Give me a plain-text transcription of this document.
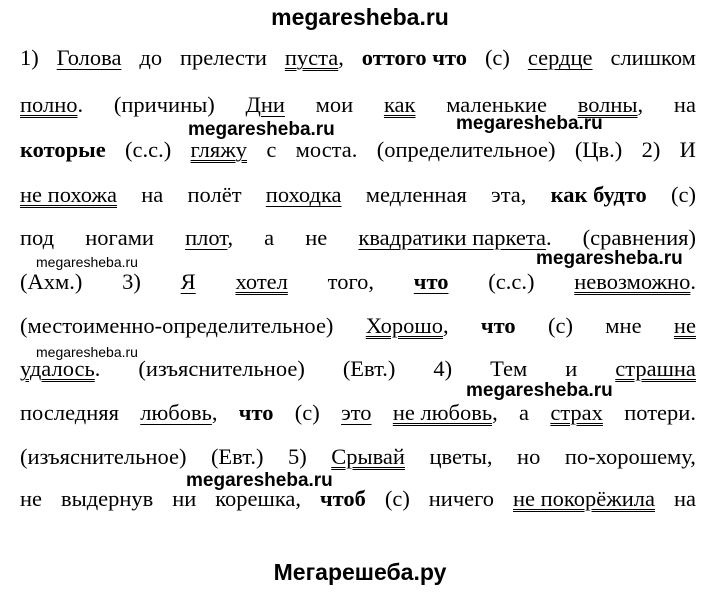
megaresheba.ru
1) Голова до прелести пуста, оттого что (с) сердце слишком
полно. (причины) Дни мои как маленькие волны, на
которые (с.с.) гляжу с моста. (определительное) (Цв.) 2) И
не похожа на полёт походка медленная эта, как будто (с)
под ногами плот, а не квадратики паркета. (сравнения)
(Ахм.) 3) Я хотел того, что (с.с.) невозможно.
(местоименно-определительное) Хорошо, что (с) мне не
удалось. (изъяснительное) (Евт.) 4) Тем и страшна
последняя любовь, что (с) это не любовь, а страх потери.
(изъяснительное) (Евт.) 5) Срывай цветы, но по-хорошему,
не выдернув ни корешка, чтоб (с) ничего не покорёжила на
megaresheba.ru	megaresheba.ru
megaresheba.ru	megaresheba.ru
megaresheba.ru
megaresheba.ru
megaresheba.ru
Мегарешеба.ру
